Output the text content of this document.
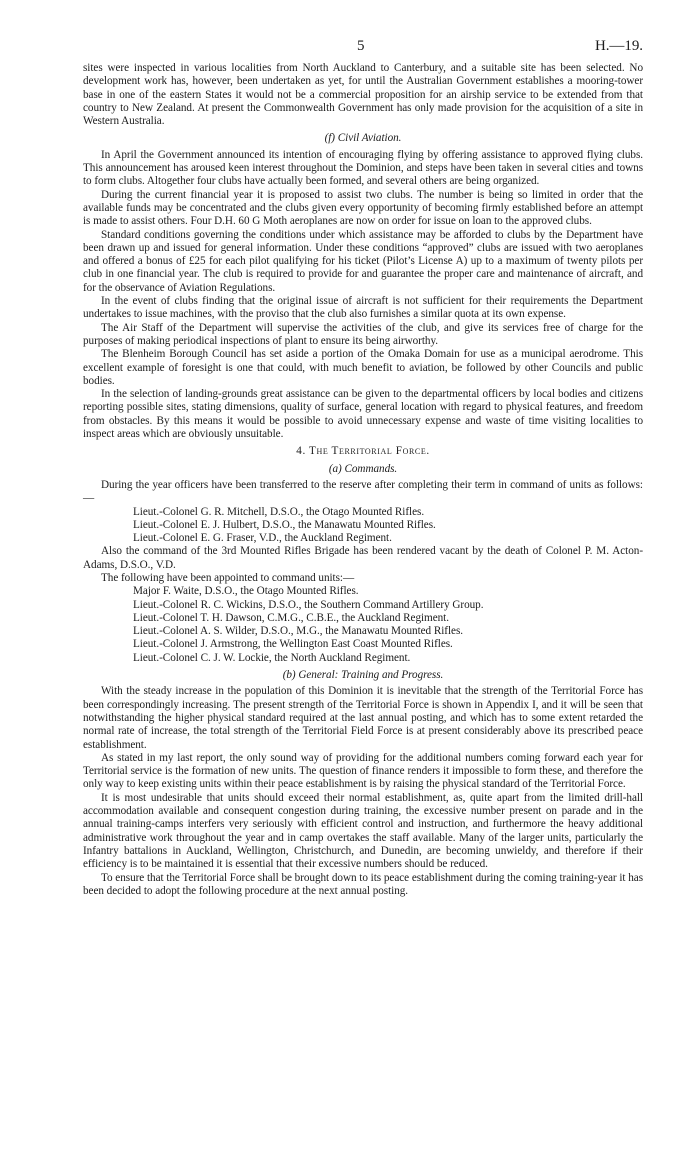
5	H.—19.

sites were inspected in various localities from North Auckland to Canterbury, and a suitable site has been selected. No development work has, however, been undertaken as yet, for until the Australian Government establishes a mooring-tower base in one of the eastern States it would not be a commercial proposition for an airship service to be extended from that country to New Zealand. At present the Commonwealth Government has only made provision for the acquisition of a site in Western Australia.

(f) Civil Aviation.

In April the Government announced its intention of encouraging flying by offering assistance to approved flying clubs. This announcement has aroused keen interest throughout the Dominion, and steps have been taken in several cities and towns to form clubs. Altogether four clubs have actually been formed, and several others are being organized.

During the current financial year it is proposed to assist two clubs. The number is being so limited in order that the available funds may be concentrated and the clubs given every opportunity of becoming firmly established before an attempt is made to assist others. Four D.H. 60 G Moth aeroplanes are now on order for issue on loan to the approved clubs.

Standard conditions governing the conditions under which assistance may be afforded to clubs by the Department have been drawn up and issued for general information. Under these conditions “approved” clubs are issued with two aeroplanes and offered a bonus of £25 for each pilot qualifying for his ticket (Pilot’s License A) up to a maximum of twenty pilots per club in one financial year. The club is required to provide for and guarantee the proper care and maintenance of aircraft, and for the observance of Aviation Regulations.

In the event of clubs finding that the original issue of aircraft is not sufficient for their requirements the Department undertakes to issue machines, with the proviso that the club also furnishes a similar quota at its own expense.

The Air Staff of the Department will supervise the activities of the club, and give its services free of charge for the purposes of making periodical inspections of plant to ensure its being airworthy.

The Blenheim Borough Council has set aside a portion of the Omaka Domain for use as a municipal aerodrome. This excellent example of foresight is one that could, with much benefit to aviation, be followed by other Councils and public bodies.

In the selection of landing-grounds great assistance can be given to the departmental officers by local bodies and citizens reporting possible sites, stating dimensions, quality of surface, general location with regard to physical features, and freedom from obstacles. By this means it would be possible to avoid unnecessary expense and waste of time visiting localities to inspect areas which are obviously unsuitable.

4. The Territorial Force.
(a) Commands.

During the year officers have been transferred to the reserve after completing their term in command of units as follows:—

Lieut.-Colonel G. R. Mitchell, D.S.O., the Otago Mounted Rifles.
Lieut.-Colonel E. J. Hulbert, D.S.O., the Manawatu Mounted Rifles.
Lieut.-Colonel E. G. Fraser, V.D., the Auckland Regiment.

Also the command of the 3rd Mounted Rifles Brigade has been rendered vacant by the death of Colonel P. M. Acton-Adams, D.S.O., V.D.

The following have been appointed to command units:—

Major F. Waite, D.S.O., the Otago Mounted Rifles.
Lieut.-Colonel R. C. Wickins, D.S.O., the Southern Command Artillery Group.
Lieut.-Colonel T. H. Dawson, C.M.G., C.B.E., the Auckland Regiment.
Lieut.-Colonel A. S. Wilder, D.S.O., M.G., the Manawatu Mounted Rifles.
Lieut.-Colonel J. Armstrong, the Wellington East Coast Mounted Rifles.
Lieut.-Colonel C. J. W. Lockie, the North Auckland Regiment.
(b) General: Training and Progress.

With the steady increase in the population of this Dominion it is inevitable that the strength of the Territorial Force has been correspondingly increasing. The present strength of the Territorial Force is shown in Appendix I, and it will be seen that notwithstanding the higher physical standard required at the last annual posting, and which has to some extent retarded the normal rate of increase, the total strength of the Territorial Field Force is at present considerably above its prescribed peace establishment.

As stated in my last report, the only sound way of providing for the additional numbers coming forward each year for Territorial service is the formation of new units. The question of finance renders it impossible to form these, and therefore the only way to keep existing units within their peace establishment is by raising the physical standard of the Territorial Force.

It is most undesirable that units should exceed their normal establishment, as, quite apart from the limited drill-hall accommodation available and consequent congestion during training, the excessive number present on parade and in the annual training-camps interfers very seriously with efficient control and instruction, and furthermore the heavy additional administrative work throughout the year and in camp overtakes the staff available. Many of the larger units, particularly the Infantry battalions in Auckland, Wellington, Christchurch, and Dunedin, are becoming unwieldy, and therefore if their efficiency is to be maintained it is essential that their excessive numbers should be reduced.

To ensure that the Territorial Force shall be brought down to its peace establishment during the coming training-year it has been decided to adopt the following procedure at the next annual posting.
